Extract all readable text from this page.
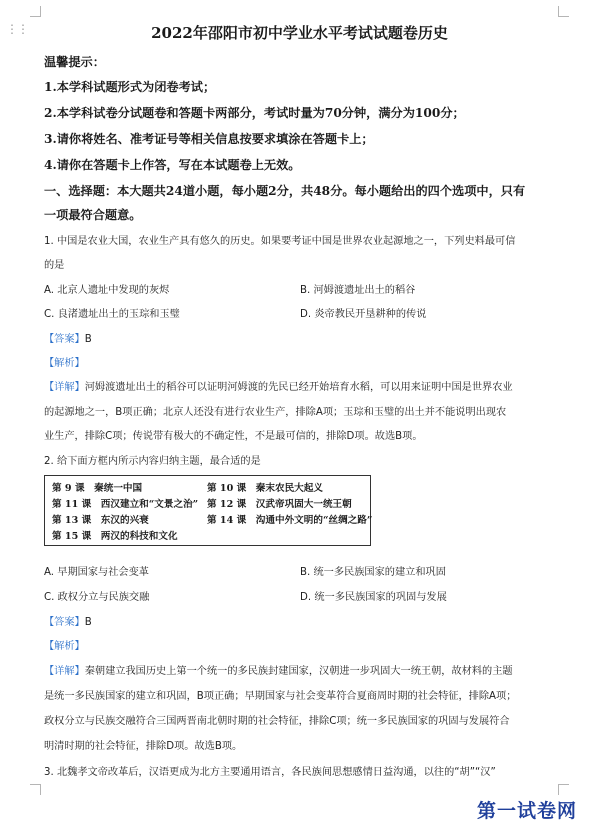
⋮⋮	2022年邵阳市初中学业水平考试试题卷历史
温馨提示：
1.本学科试题形式为闭卷考试；
2.本学科试卷分试题卷和答题卡两部分，考试时量为70分钟，满分为100分；
3.请你将姓名、准考证号等相关信息按要求填涂在答题卡上；
4.请你在答题卡上作答，写在本试题卷上无效。
一、选择题：本大题共24道小题，每小题2分，共48分。每小题给出的四个选项中，只有
一项最符合题意。
1. 中国是农业大国，农业生产具有悠久的历史。如果要考证中国是世界农业起源地之一，下列史料最可信
的是
A. 北京人遗址中发现的灰烬	B. 河姆渡遗址出土的稻谷
C. 良渚遗址出土的玉琮和玉璧	D. 炎帝教民开垦耕种的传说
【答案】B
【解析】
【详解】河姆渡遗址出土的稻谷可以证明河姆渡的先民已经开始培育水稻，可以用来证明中国是世界农业
的起源地之一，B项正确；北京人还没有进行农业生产，排除A项；玉琮和玉璧的出土并不能说明出现农
业生产，排除C项；传说带有极大的不确定性，不是最可信的，排除D项。故选B项。
2. 给下面方框内所示内容归纳主题，最合适的是
第 9 课　秦统一中国	第 10 课　秦末农民大起义
第 11 课　西汉建立和“文景之治” 第 12 课　汉武帝巩固大一统王朝
第 13 课　东汉的兴衰	第 14 课　沟通中外文明的“丝绸之路”
第 15 课　两汉的科技和文化
A. 早期国家与社会变革	B. 统一多民族国家的建立和巩固
C. 政权分立与民族交融	D. 统一多民族国家的巩固与发展
【答案】B
【解析】
【详解】秦朝建立我国历史上第一个统一的多民族封建国家，汉朝进一步巩固大一统王朝，故材料的主题
是统一多民族国家的建立和巩固，B项正确；早期国家与社会变革符合夏商周时期的社会特征，排除A项；
政权分立与民族交融符合三国两晋南北朝时期的社会特征，排除C项；统一多民族国家的巩固与发展符合
明清时期的社会特征，排除D项。故选B项。
3. 北魏孝文帝改革后，汉语更成为北方主要通用语言，各民族间思想感情日益沟通，以往的“胡”“汉”
第一试卷网
